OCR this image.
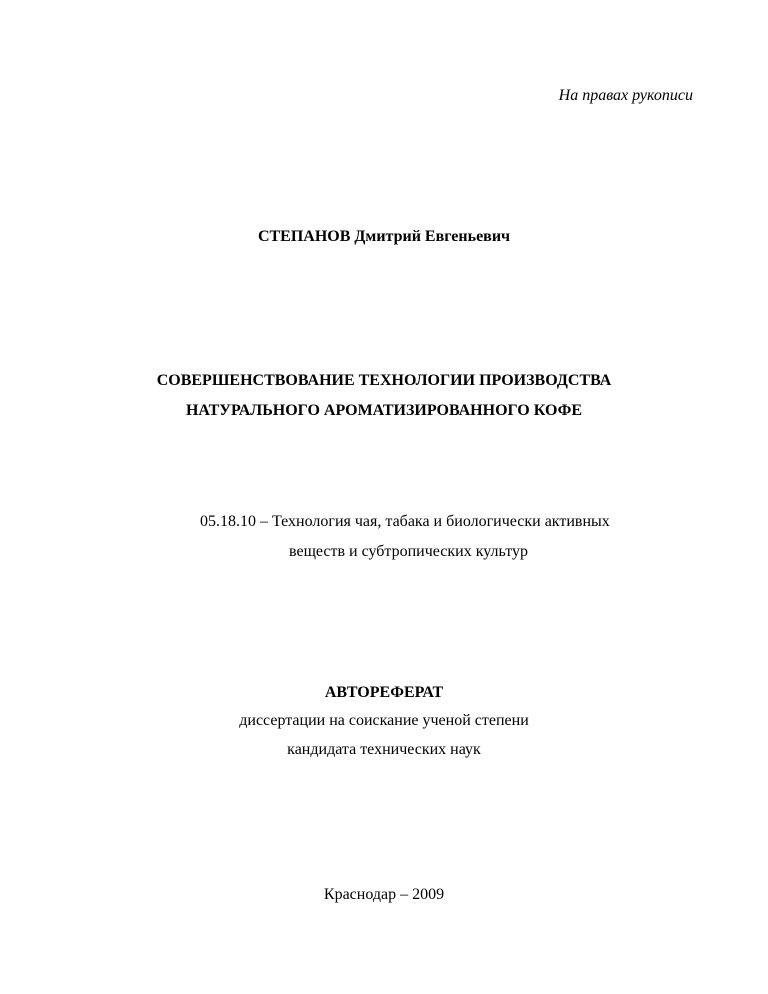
На правах рукописи
СТЕПАНОВ Дмитрий Евгеньевич
СОВЕРШЕНСТВОВАНИЕ ТЕХНОЛОГИИ ПРОИЗВОДСТВА
НАТУРАЛЬНОГО АРОМАТИЗИРОВАННОГО КОФЕ
05.18.10 – Технология чая, табака и биологически активных
веществ и субтропических культур
АВТОРЕФЕРАТ
диссертации на соискание ученой степени
кандидата технических наук
Краснодар – 2009
